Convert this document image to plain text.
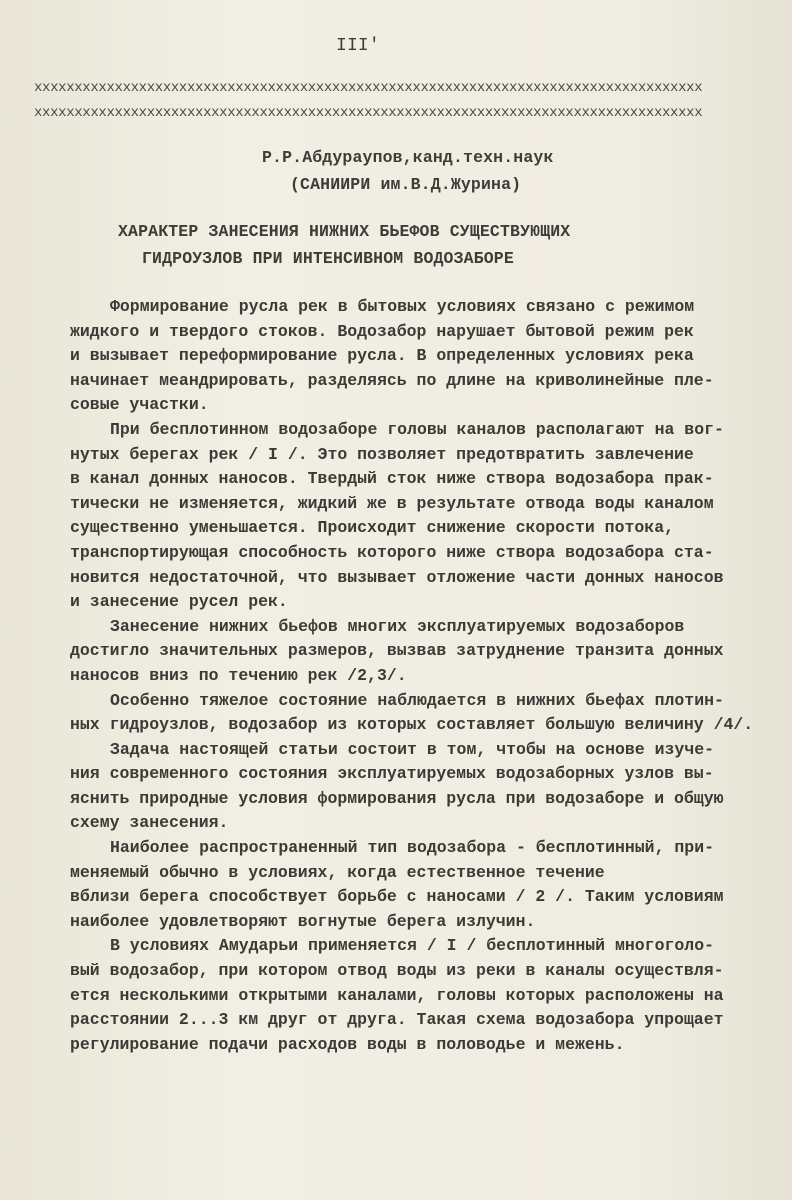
III'
xxxxxxxxxxxxxxxxxxxxxxxxxxxxxxxxxxxxxxxxxxxxxxxxxxxxxxxxxxxxxxxxxxxxxxxxxxxxxxxxxxx
xxxxxxxxxxxxxxxxxxxxxxxxxxxxxxxxxxxxxxxxxxxxxxxxxxxxxxxxxxxxxxxxxxxxxxxxxxxxxxxxxxx
Р.Р.Абдураупов,канд.техн.наук
(САНИИРИ им.В.Д.Журина)
ХАРАКТЕР ЗАНЕСЕНИЯ НИЖНИХ БЬЕФОВ СУЩЕСТВУЮЩИХ
ГИДРОУЗЛОВ ПРИ ИНТЕНСИВНОМ ВОДОЗАБОРЕ
Формирование русла рек в бытовых условиях связано с режимом
жидкого и твердого стоков. Водозабор нарушает бытовой режим рек
и вызывает переформирование русла. В определенных условиях река
начинает меандрировать, разделяясь по длине на криволинейные пле-
совые участки.
При бесплотинном водозаборе головы каналов располагают на вог-
нутых берегах рек / I /. Это позволяет предотвратить завлечение
в канал донных наносов. Твердый сток ниже створа водозабора прак-
тически не изменяется, жидкий же в результате отвода воды каналом
существенно уменьшается. Происходит снижение скорости потока,
транспортирующая способность которого ниже створа водозабора ста-
новится недостаточной, что вызывает отложение части донных наносов
и занесение русел рек.
Занесение нижних бьефов многих эксплуатируемых водозаборов
достигло значительных размеров, вызвав затруднение транзита донных
наносов вниз по течению рек /2,3/.
Особенно тяжелое состояние наблюдается в нижних бьефах плотин-
ных гидроузлов, водозабор из которых составляет большую величину /4/.
Задача настоящей статьи состоит в том, чтобы на основе изуче-
ния современного состояния эксплуатируемых водозаборных узлов вы-
яснить природные условия формирования русла при водозаборе и общую
схему занесения.
Наиболее распространенный тип водозабора - бесплотинный, при-
меняемый обычно в условиях, когда естественное течение
вблизи берега способствует борьбе с наносами / 2 /. Таким условиям
наиболее удовлетворяют вогнутые берега излучин.
В условиях Амударьи применяется / I / бесплотинный многоголо-
вый водозабор, при котором отвод воды из реки в каналы осуществля-
ется несколькими открытыми каналами, головы которых расположены на
расстоянии 2...3 км друг от друга. Такая схема водозабора упрощает
регулирование подачи расходов воды в половодье и межень.
